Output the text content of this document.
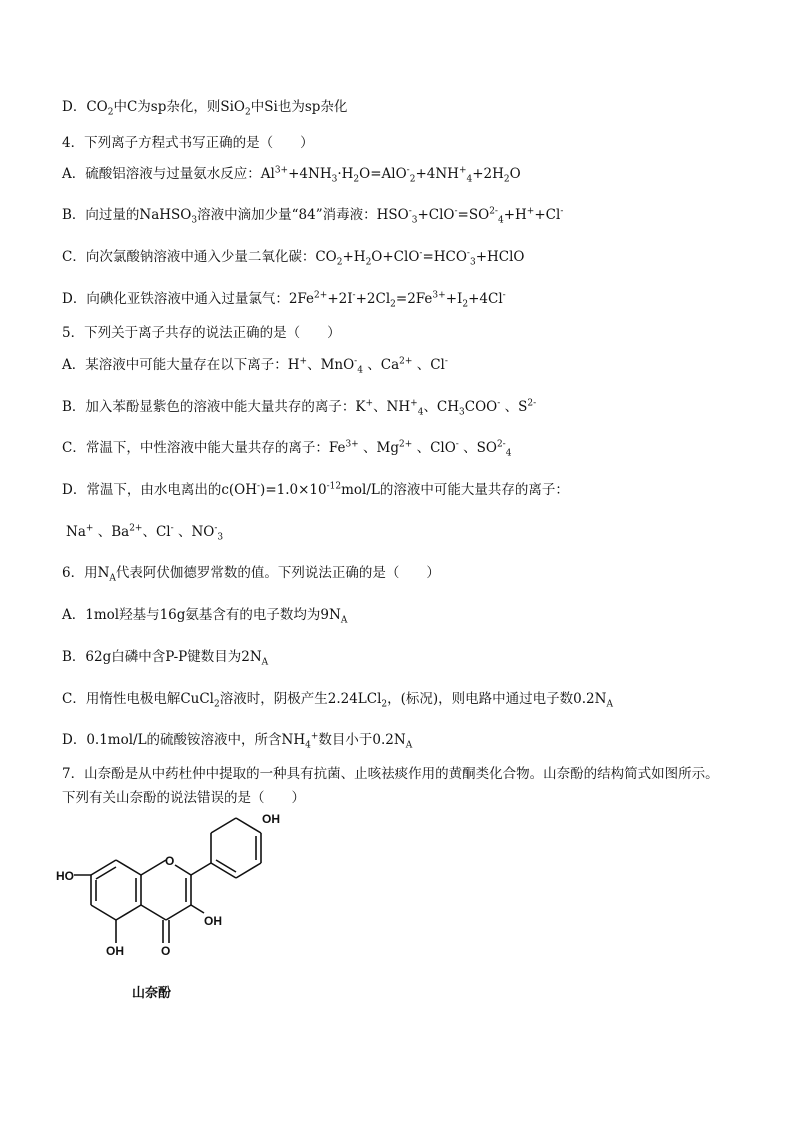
D．$CO_2$中C为sp杂化，则SiO$_2$中Si也为sp杂化
4．下列离子方程式书写正确的是（　　）
A．硫酸铝溶液与过量氨水反应：$Al^{3+}+4NH_3\cdot H_2O=AlO^-_2+4NH^+_4+2H_2O$
B．向过量的NaHSO$_3$溶液中滴加少量“84”消毒液：$HSO^-_3+ClO^-=SO^{2-}_4+H^++Cl^-$
C．向次氯酸钠溶液中通入少量二氧化碳：$CO_2+H_2O+ClO^-=HCO^-_3+HClO$
D．向碘化亚铁溶液中通入过量氯气：$2Fe^{2+}+2I^-+2Cl_2=2Fe^{3+}+I_2+4Cl^-$
5．下列关于离子共存的说法正确的是（　　）
A．某溶液中可能大量存在以下离子：H+、MnO-$_4$ 、$Ca^{2+}$ 、Cl-
B．加入苯酚显紫色的溶液中能大量共存的离子：K+、$NH^+_4$、$CH_3COO^-$ 、$S^{2-}$
C．常温下，中性溶液中能大量共存的离子：$Fe^{3+}$ 、$Mg^{2+}$ 、ClO- 、$SO^{2-}_4$
D．常温下，由水电离出的$c(OH^-)=1.0\times 10^{-12}mol/L$的溶液中可能大量共存的离子：
Na+ 、$Ba^{2+}$、Cl- 、$NO^-_3$
6．用$N_A$代表阿伏伽德罗常数的值。下列说法正确的是（　　）
A．1mol羟基与16g氨基含有的电子数均为$9N_A$
B．62g白磷中含P-P键数目为$2N_A$
C．用惰性电极电解CuCl$_2$溶液时，阴极产生2.24LCl$_2$，(标况)，则电路中通过电子数$0.2N_A$
D．0.1mol/L的硫酸铵溶液中，所含$NH_4^+$数目小于$0.2N_A$
7．山奈酚是从中药杜仲中提取的一种具有抗菌、止咳祛痰作用的黄酮类化合物。山奈酚的结构简式如图所示。
下列有关山奈酚的说法错误的是（　　）
OH
HO
O
OH
OH	O
山奈酚
